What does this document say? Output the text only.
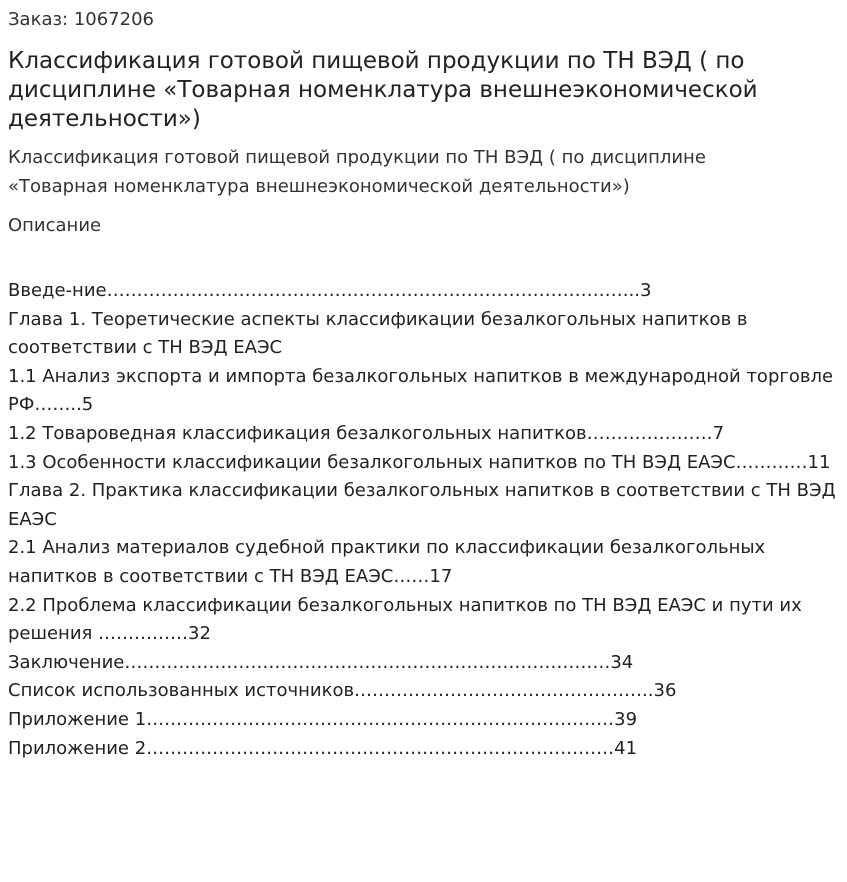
Заказ: 1067206
Классификация готовой пищевой продукции по ТН ВЭД ( по дисциплине «Товарная номенклатура внешнеэкономической деятельности»)

Классификация готовой пищевой продукции по ТН ВЭД ( по дисциплине «Товарная номенклатура внешнеэкономической деятельности»)

Описание
Введе-ние……………………………………………………………………………..3
Глава 1. Теоретические аспекты классификации безалкогольных напитков в соответствии с ТН ВЭД ЕАЭС
1.1 Анализ экспорта и импорта безалкогольных напитков в международной торговле РФ……..5
1.2 Товароведная классификация безалкогольных напитков…………………7
1.3 Особенности классификации безалкогольных напитков по ТН ВЭД ЕАЭС…………11
Глава 2. Практика классификации безалкогольных напитков в соответствии с ТН ВЭД ЕАЭС
2.1 Анализ материалов судебной практики по классификации безалкогольных напитков в соответствии с ТН ВЭД ЕАЭС……17
2.2 Проблема классификации безалкогольных напитков по ТН ВЭД ЕАЭС и пути их решения ……………32
Заключение………………………………………………………………………34
Список использованных источников…………………………………………..36
Приложение 1……………………………………………………………………39
Приложение 2……………………………………………………………………41
